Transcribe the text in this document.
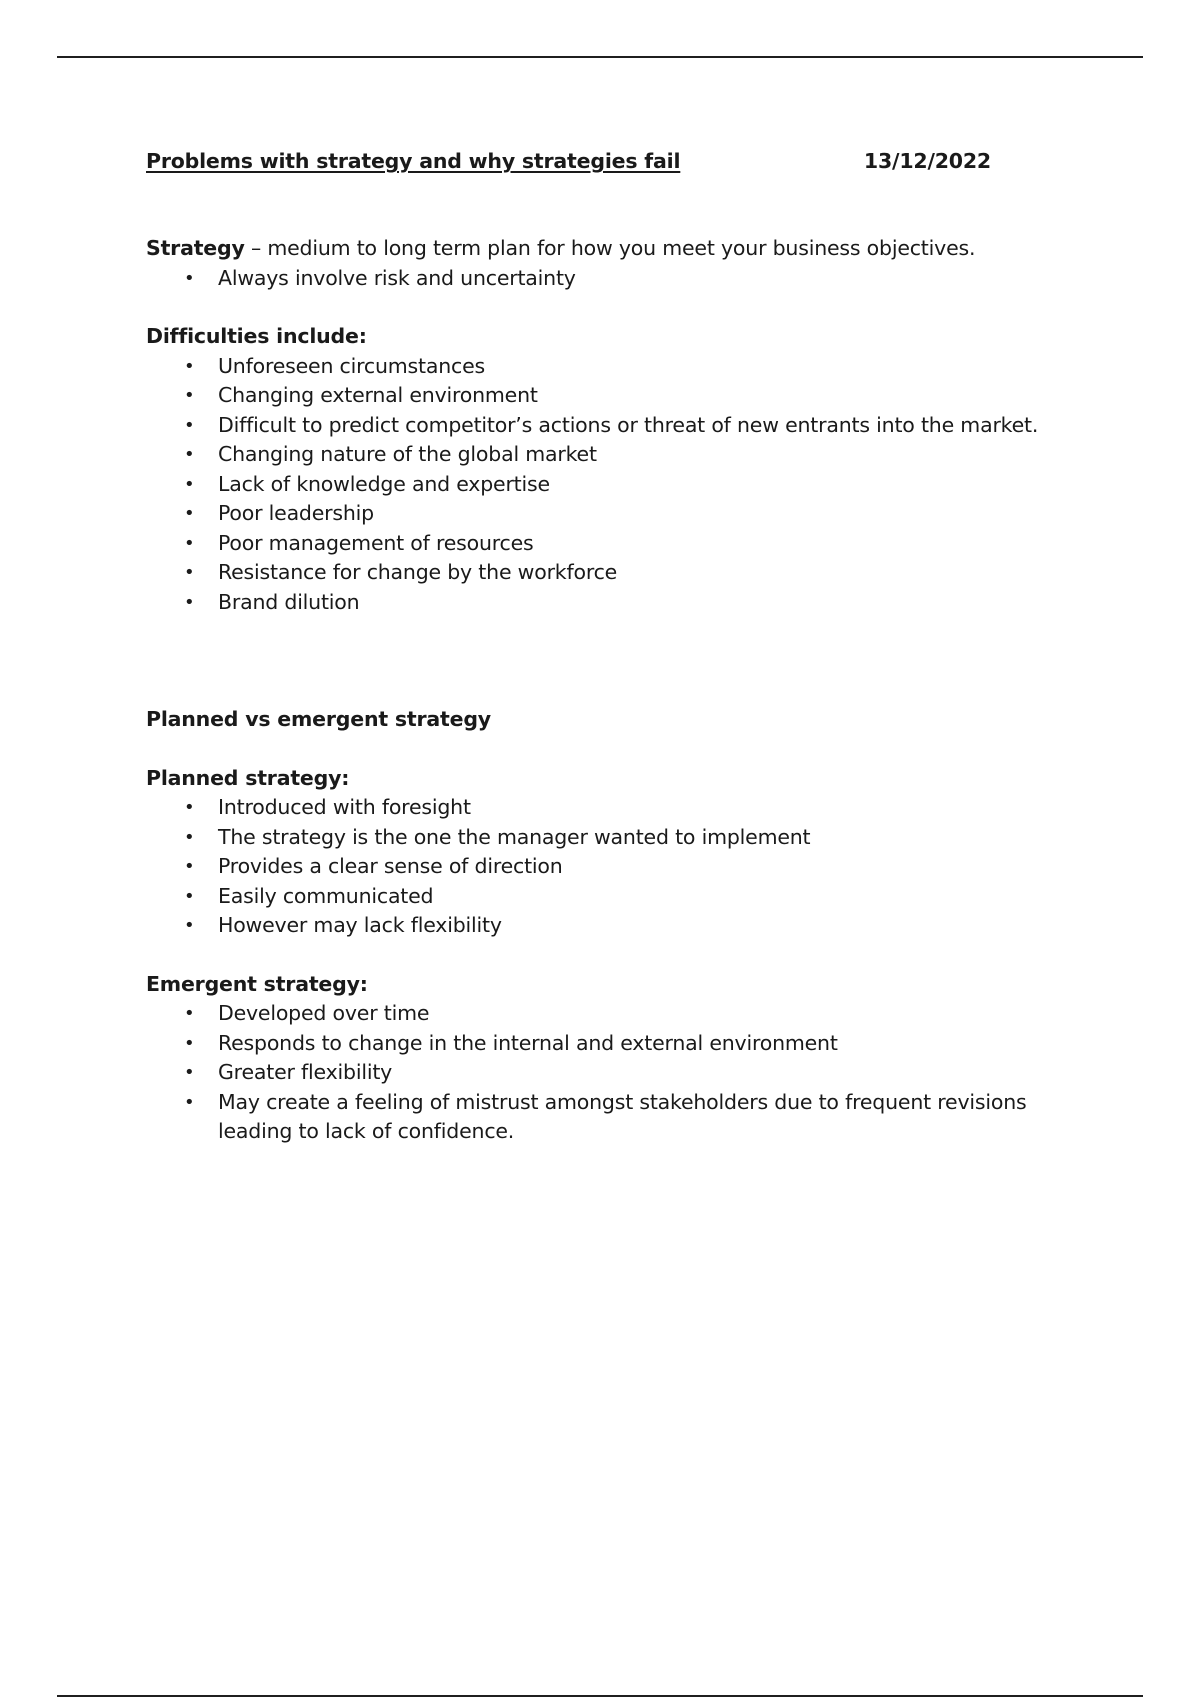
Problems with strategy and why strategies fail	13/12/2022
Strategy – medium to long term plan for how you meet your business objectives.
• Always involve risk and uncertainty
Difficulties include:
• Unforeseen circumstances
• Changing external environment
• Difficult to predict competitor’s actions or threat of new entrants into the market.
• Changing nature of the global market
• Lack of knowledge and expertise
• Poor leadership
• Poor management of resources
• Resistance for change by the workforce
• Brand dilution
Planned vs emergent strategy
Planned strategy:
• Introduced with foresight
• The strategy is the one the manager wanted to implement
• Provides a clear sense of direction
• Easily communicated
• However may lack flexibility
Emergent strategy:
• Developed over time
• Responds to change in the internal and external environment
• Greater flexibility
• May create a feeling of mistrust amongst stakeholders due to frequent revisions leading to lack of confidence.
